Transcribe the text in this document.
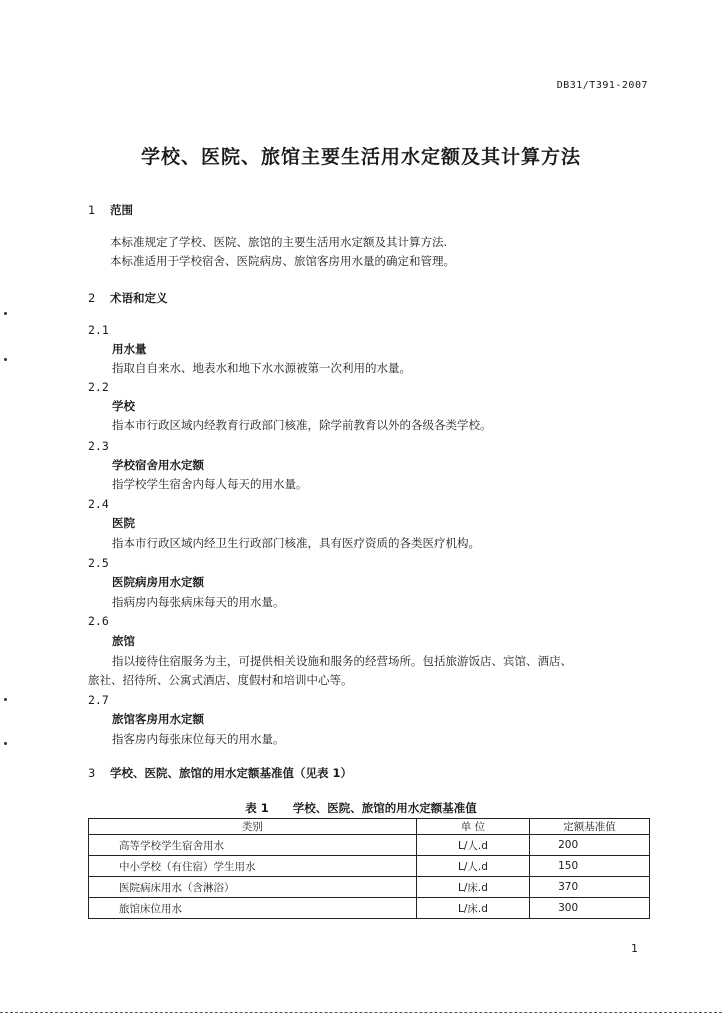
DB31/T391-2007
学校、医院、旅馆主要生活用水定额及其计算方法
1 范围
本标准规定了学校、医院、旅馆的主要生活用水定额及其计算方法.
本标准适用于学校宿舍、医院病房、旅馆客房用水量的确定和管理。
2 术语和定义
2.1
用水量
指取自自来水、地表水和地下水水源被第一次利用的水量。
2.2
学校
指本市行政区域内经教育行政部门核准，除学前教育以外的各级各类学校。
2.3
学校宿舍用水定额
指学校学生宿舍内每人每天的用水量。
2.4
医院
指本市行政区域内经卫生行政部门核准，具有医疗资质的各类医疗机构。
2.5
医院病房用水定额
指病房内每张病床每天的用水量。
2.6
旅馆
指以接待住宿服务为主，可提供相关设施和服务的经营场所。包括旅游饭店、宾馆、酒店、
旅社、招待所、公寓式酒店、度假村和培训中心等。
2.7
旅馆客房用水定额
指客房内每张床位每天的用水量。
3 学校、医院、旅馆的用水定额基准值（见表 1）
表 1 学校、医院、旅馆的用水定额基准值
类别	单 位	定额基准值
高等学校学生宿舍用水	L/人.d	200
中小学校（有住宿）学生用水	L/人.d	150
医院病床用水（含淋浴）	L/床.d	370
旅馆床位用水	L/床.d	300
1
